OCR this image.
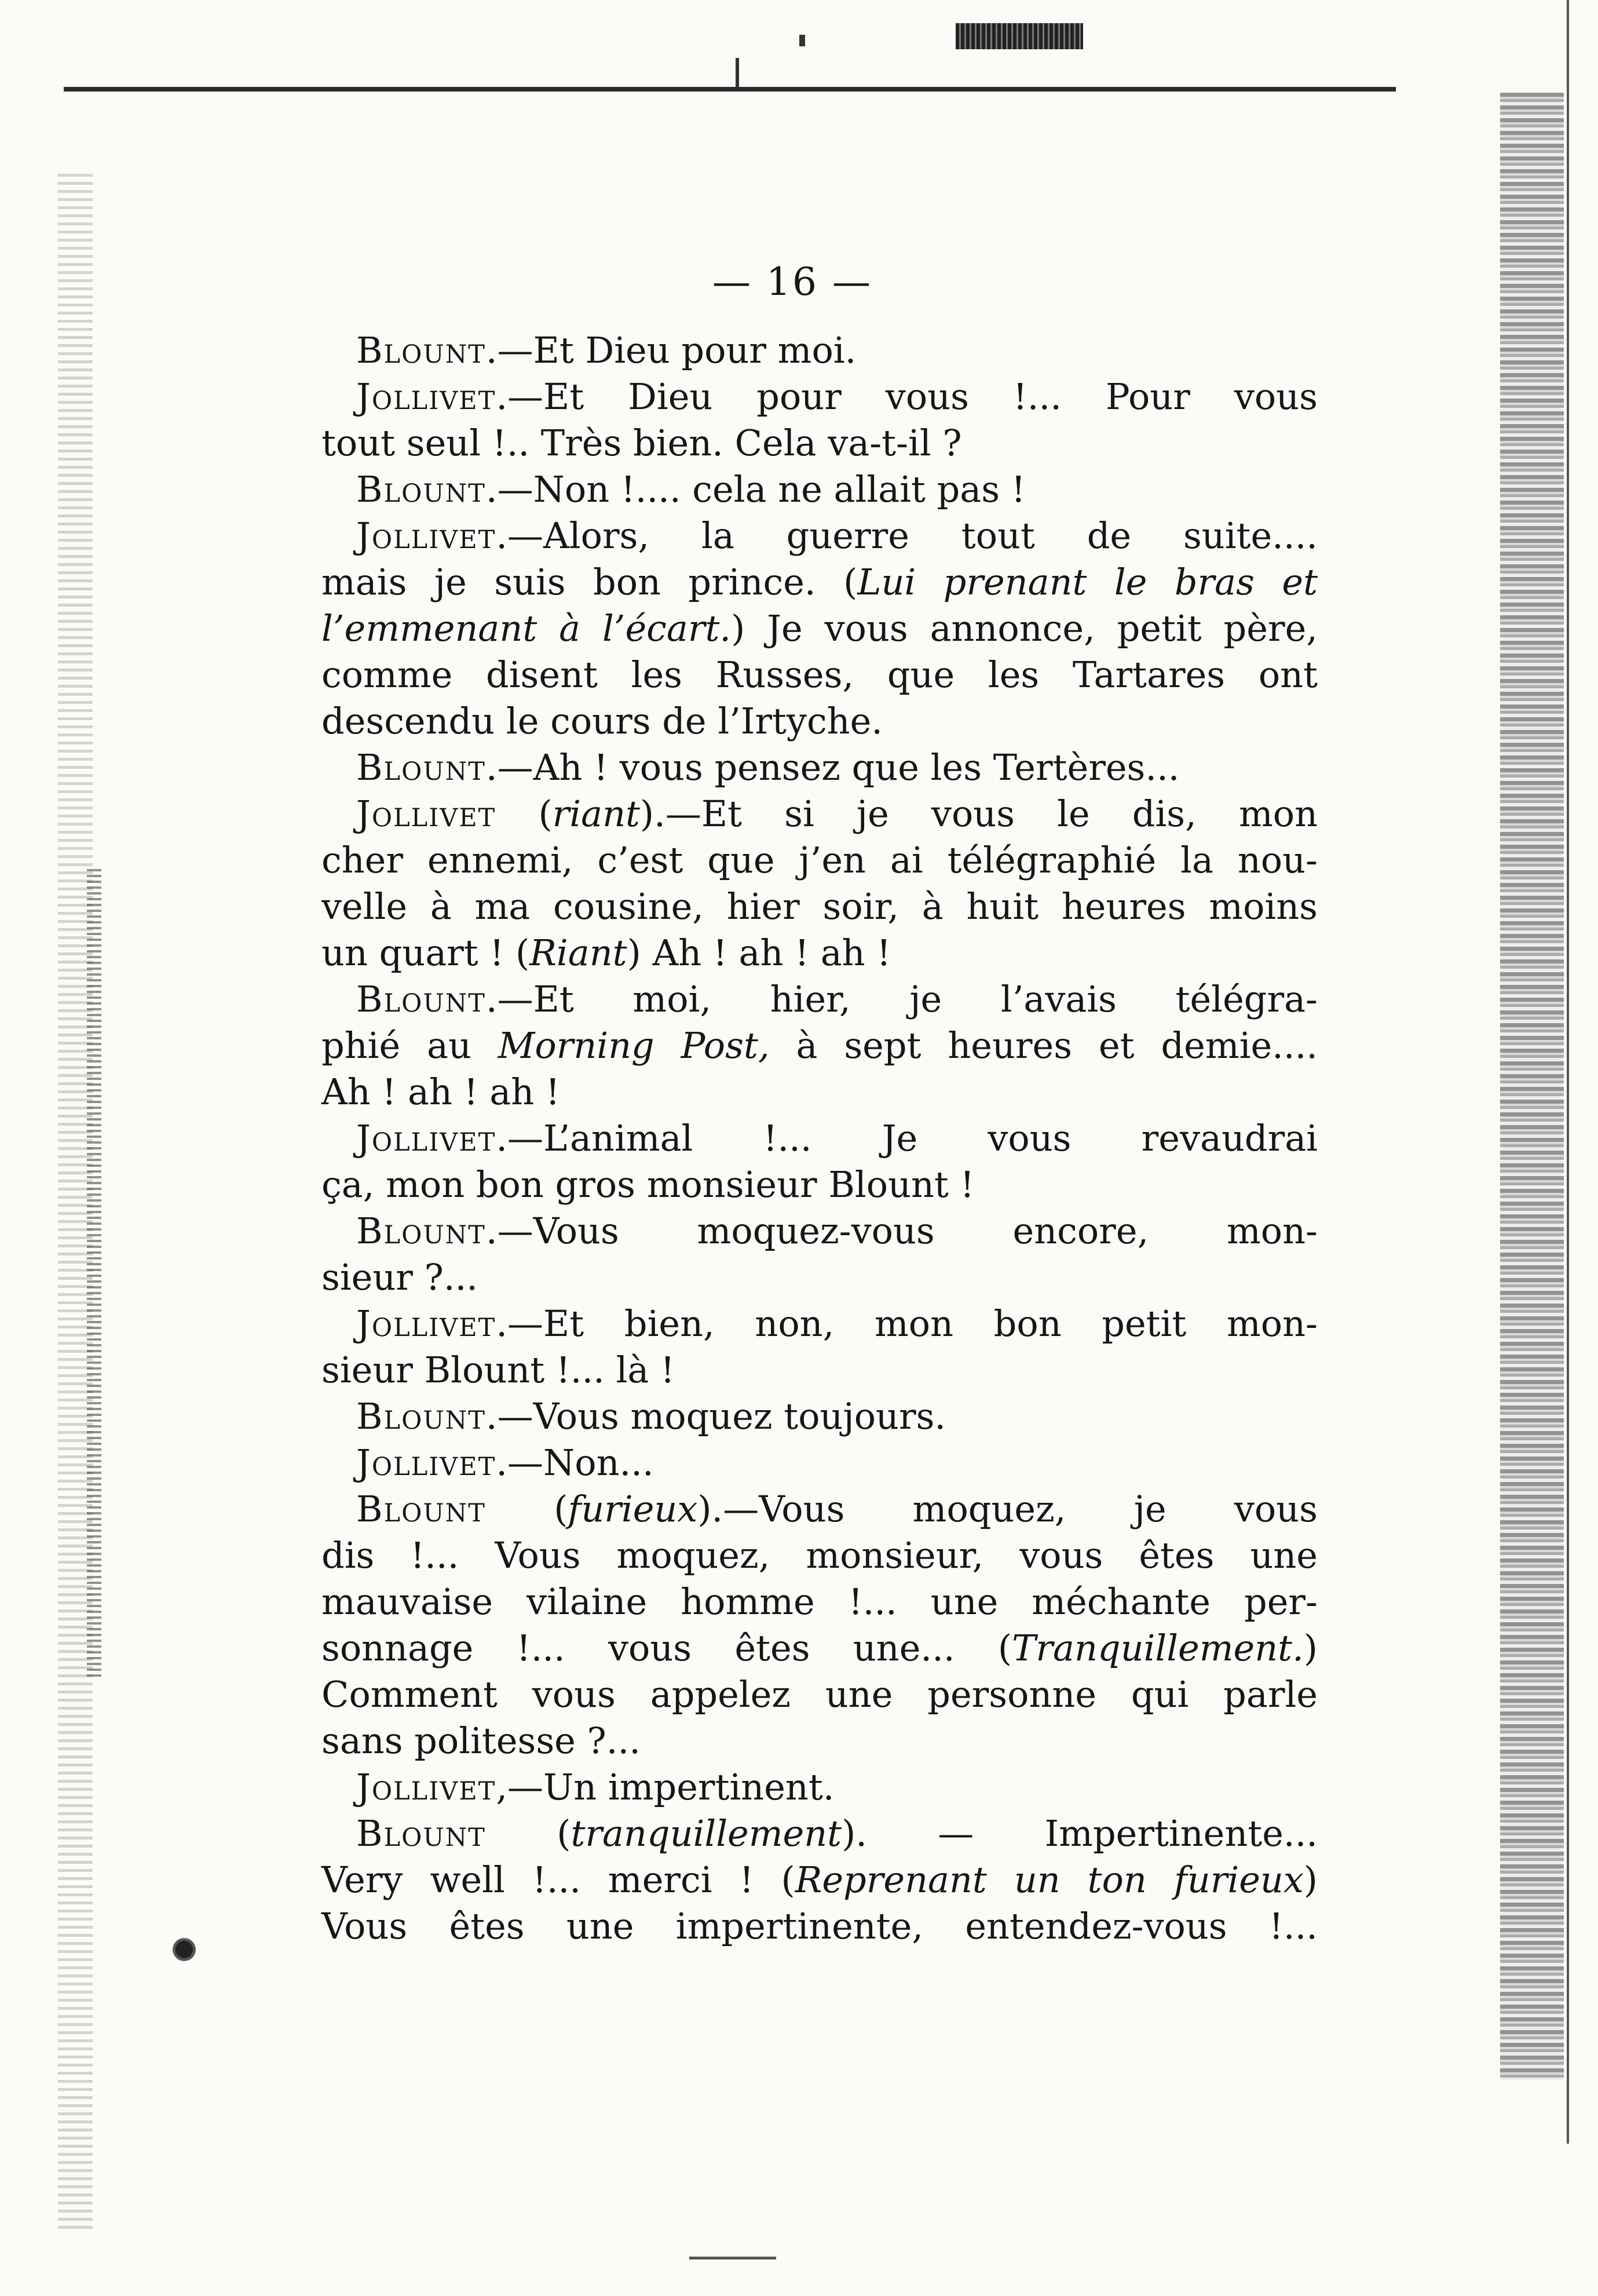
— 16 —
Blount.—Et Dieu pour moi.
Jollivet.—Et Dieu pour vous !... Pour vous
tout seul !.. Très bien. Cela va-t-il ?
Blount.—Non !.... cela ne allait pas !
Jollivet.—Alors, la guerre tout de suite....
mais je suis bon prince. (Lui prenant le bras et
l’emmenant à l’écart.) Je vous annonce, petit père,
comme disent les Russes, que les Tartares ont
descendu le cours de l’Irtyche.
Blount.—Ah ! vous pensez que les Tertères...
Jollivet (riant).—Et si je vous le dis, mon
cher ennemi, c’est que j’en ai télégraphié la nou-
velle à ma cousine, hier soir, à huit heures moins
un quart ! (Riant) Ah ! ah ! ah !
Blount.—Et moi, hier, je l’avais télégra-
phié au Morning Post, à sept heures et demie....
Ah ! ah ! ah !
Jollivet.—L’animal !... Je vous revaudrai
ça, mon bon gros monsieur Blount !
Blount.—Vous moquez-vous encore, mon-
sieur ?...
Jollivet.—Et bien, non, mon bon petit mon-
sieur Blount !... là !
Blount.—Vous moquez toujours.
Jollivet.—Non...
Blount (furieux).—Vous moquez, je vous
dis !... Vous moquez, monsieur, vous êtes une
mauvaise vilaine homme !... une méchante per-
sonnage !... vous êtes une... (Tranquillement.)
Comment vous appelez une personne qui parle
sans politesse ?...
Jollivet,—Un impertinent.
Blount (tranquillement). — Impertinente...
Very well !... merci ! (Reprenant un ton furieux)
Vous êtes une impertinente, entendez-vous !...
